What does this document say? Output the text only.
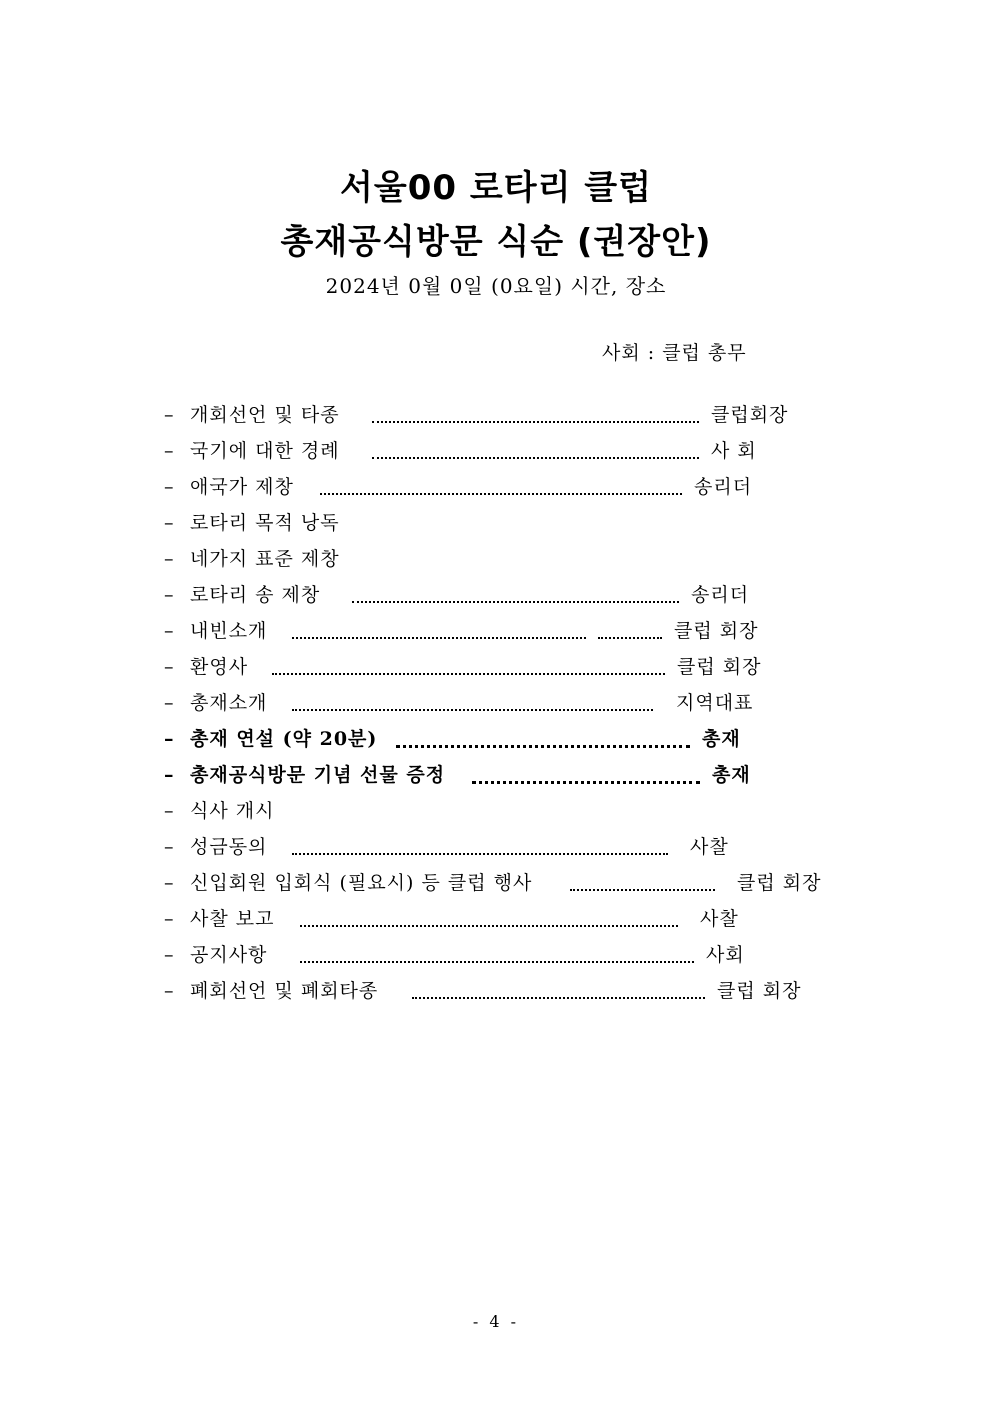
서울00 로타리 클럽
총재공식방문 식순 (권장안)
2024년 0월 0일 (0요일) 시간, 장소
사회 : 클럽 총무
– 개회선언 및 타종	클럽회장
– 국기에 대한 경례	사 회
– 애국가 제창	송리더
– 로타리 목적 낭독
– 네가지 표준 제창
– 로타리 송 제창	송리더
– 내빈소개	클럽 회장
– 환영사	클럽 회장
– 총재소개	지역대표
– 총재 연설 (약 20분)	총재
– 총재공식방문 기념 선물 증정	총재
– 식사 개시
– 성금동의	사찰
– 신입회원 입회식 (필요시) 등 클럽 행사	클럽 회장
– 사찰 보고	사찰
– 공지사항	사회
– 폐회선언 및 폐회타종	클럽 회장
- 4 -
